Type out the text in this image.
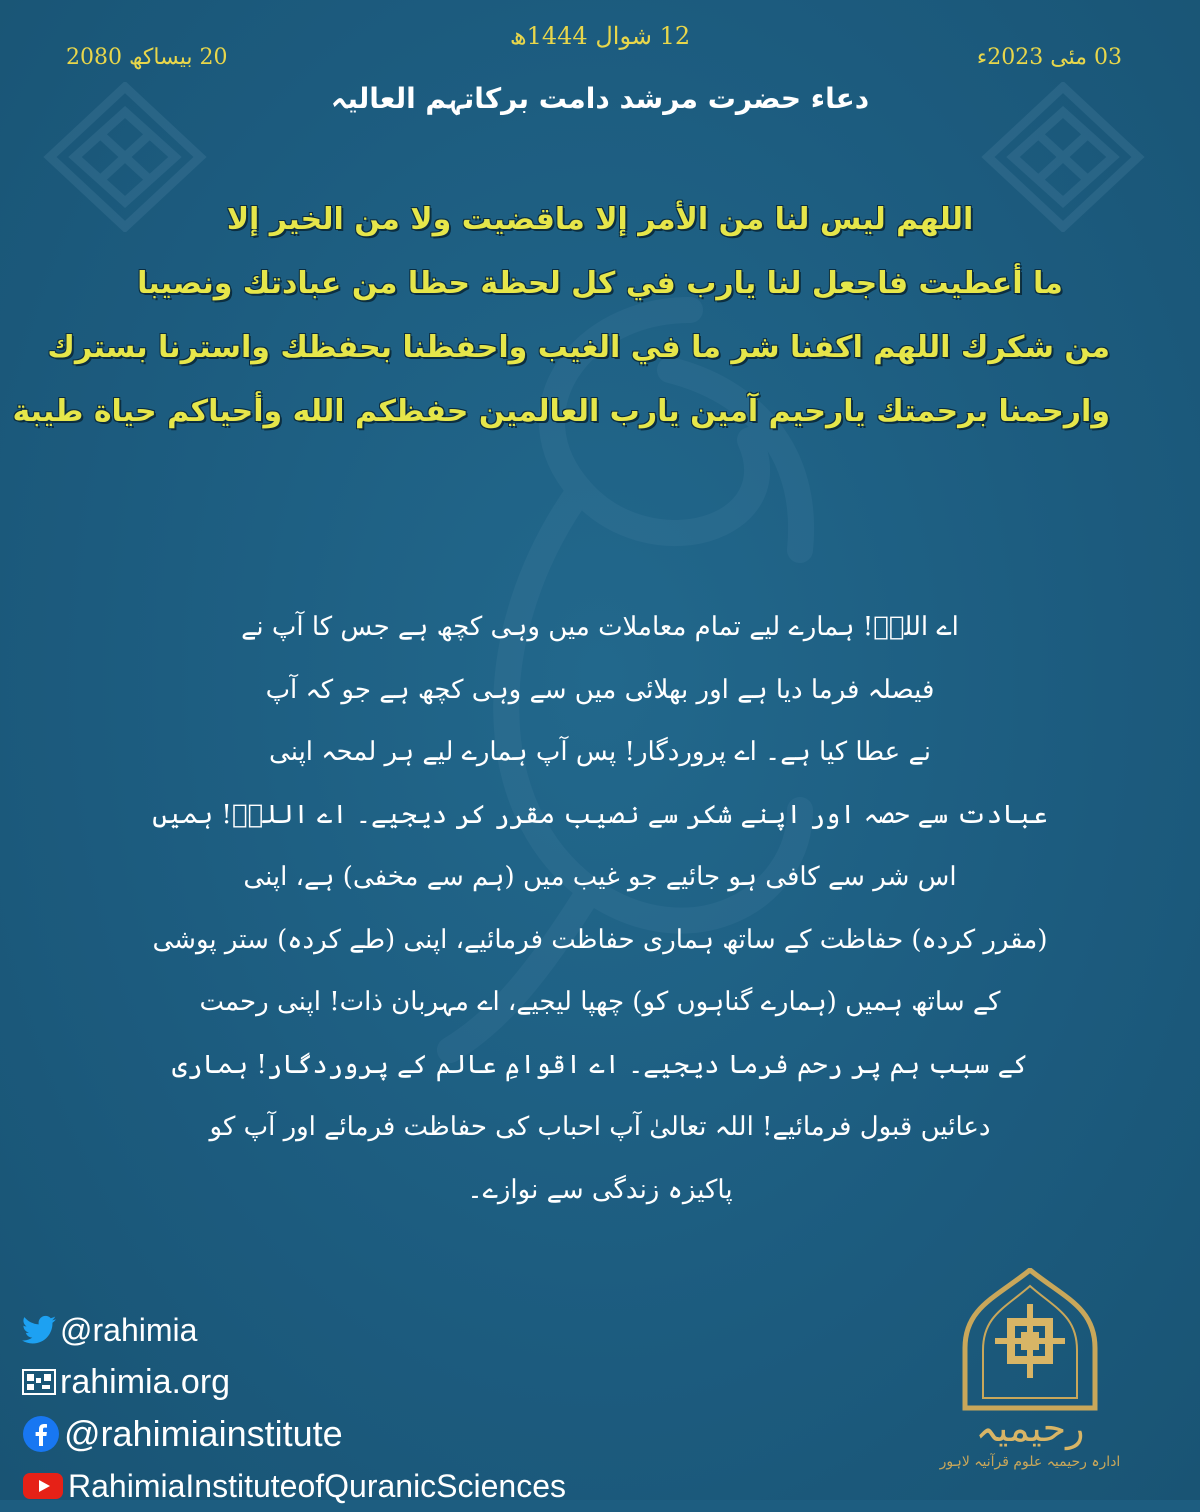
12 شوال 1444ھ
20 بیساکھ 2080	03 مئی 2023ء
دعاء حضرت مرشد دامت برکاتہم العالیہ
اللهم ليس لنا من الأمر إلا ماقضيت ولا من الخير إلا
ما أعطيت فاجعل لنا يارب في كل لحظة حظا من عبادتك ونصيبا
من شكرك اللهم اكفنا شر ما في الغيب واحفظنا بحفظك واسترنا بسترك
وارحمنا برحمتك يارحيم آمين يارب العالمين حفظكم الله وأحياكم حياة طيبة
اے اللہؐ! ہمارے لیے تمام معاملات میں وہی کچھ ہے جس کا آپ نے
فیصلہ فرما دیا ہے اور بھلائی میں سے وہی کچھ ہے جو کہ آپ
نے عطا کیا ہے۔ اے پروردگار! پس آپ ہمارے لیے ہر لمحہ اپنی
عبادت سے حصہ اور اپنے شکر سے نصیب مقرر کر دیجیے۔ اے اللہؐ! ہمیں
اس شر سے کافی ہو جائیے جو غیب میں (ہم سے مخفی) ہے، اپنی
(مقرر کردہ) حفاظت کے ساتھ ہماری حفاظت فرمائیے، اپنی (طے کردہ) ستر پوشی
کے ساتھ ہمیں (ہمارے گناہوں کو) چھپا لیجیے، اے مہربان ذات! اپنی رحمت
کے سبب ہم پر رحم فرما دیجیے۔ اے اقوامِ عالم کے پروردگار! ہماری
دعائیں قبول فرمائیے! اللہ تعالیٰ آپ احباب کی حفاظت فرمائے اور آپ کو
پاکیزہ زندگی سے نوازے۔
@rahimia
rahimia.org
@rahimiainstitute
RahimiaInstituteofQuranicSciences
رحیمیہ
ادارہ رحیمیہ علوم قرآنیہ لاہور
